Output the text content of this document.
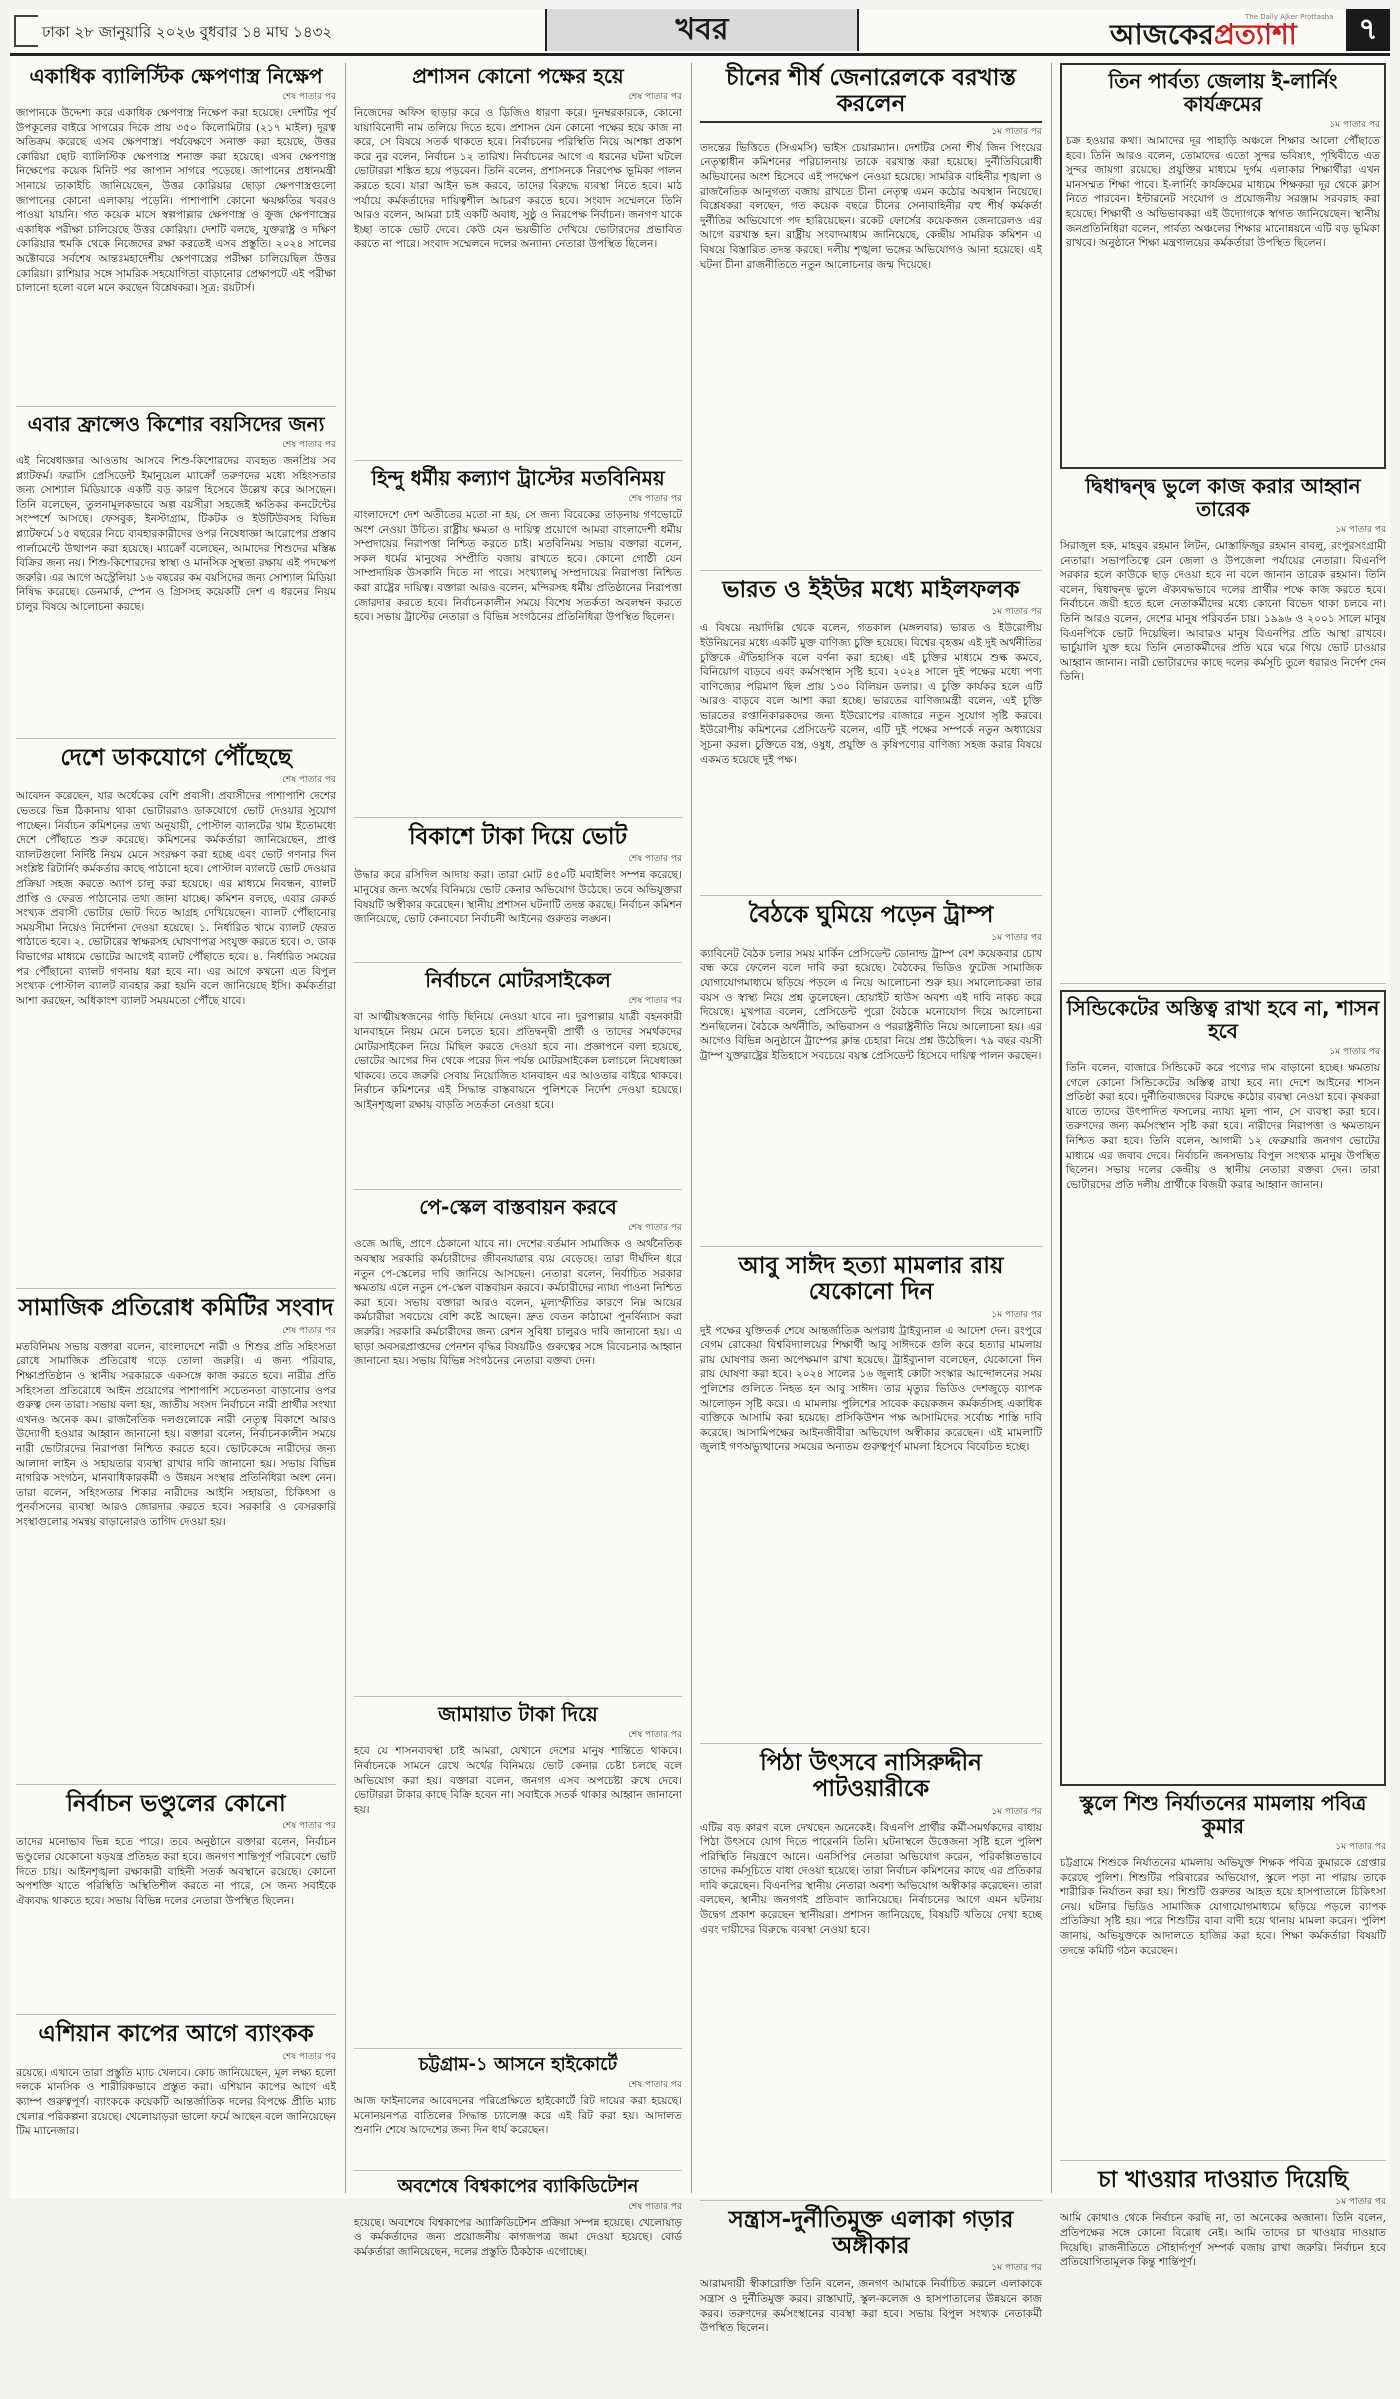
ঢাকা ২৮ জানুয়ারি ২০২৬ বুধবার ১৪ মাঘ ১৪৩২	খবর	আজকেরপ্রত্যাশা
The Daily Ajker Prottasha ৭
একাধিক ব্যালিস্টিক ক্ষেপণাস্ত্র নিক্ষেপ
শেষ পাতার পর

জাপানকে উদ্দেশ্য করে একাধিক ক্ষেপণাস্ত্র নিক্ষেপ করা হয়েছে। দেশটির পূর্ব উপকূলের বাইরে সাগরের দিকে প্রায় ৩৫০ কিলোমিটার (২১৭ মাইল) দূরত্ব অতিক্রম করেছে এসব ক্ষেপণাস্ত্র। পর্যবেক্ষণে সনাক্ত করা হয়েছে, উত্তর কোরিয়া ছোট ব্যালিস্টিক ক্ষেপণাস্ত্র শনাক্ত করা হয়েছে। এসব ক্ষেপণাস্ত্র নিক্ষেপের কয়েক মিনিট পর জাপান সাগরে পড়েছে। জাপানের প্রধানমন্ত্রী সানায়ে তাকাইচি জানিয়েছেন, উত্তর কোরিয়ার ছোড়া ক্ষেপণাস্ত্রগুলো জাপানের কোনো এলাকায় পড়েনি। পাশাপাশি কোনো ক্ষয়ক্ষতির খবরও পাওয়া যায়নি। গত কয়েক মাসে স্বল্পপাল্লার ক্ষেপণাস্ত্র ও ক্রুজ ক্ষেপণাস্ত্রের একাধিক পরীক্ষা চালিয়েছে উত্তর কোরিয়া। দেশটি বলছে, যুক্তরাষ্ট্র ও দক্ষিণ কোরিয়ার হুমকি থেকে নিজেদের রক্ষা করতেই এসব প্রস্তুতি। ২০২৪ সালের অক্টোবরে সর্বশেষ আন্তঃমহাদেশীয় ক্ষেপণাস্ত্রের পরীক্ষা চালিয়েছিল উত্তর কোরিয়া। রাশিয়ার সঙ্গে সামরিক সহযোগিতা বাড়ানোর প্রেক্ষাপটে এই পরীক্ষা চালানো হলো বলে মনে করছেন বিশ্লেষকরা। সূত্র: রয়টার্স।

এবার ফ্রান্সেও কিশোর বয়সিদের জন্য
শেষ পাতার পর

এই নিষেধাজ্ঞার আওতায় আসবে শিশু-কিশোরদের ব্যবহৃত জনপ্রিয় সব প্ল্যাটফর্ম। ফরাসি প্রেসিডেন্ট ইমানুয়েল ম্যাক্রোঁ তরুণদের মধ্যে সহিংসতার জন্য সোশ্যাল মিডিয়াকে একটি বড় কারণ হিসেবে উল্লেখ করে আসছেন। তিনি বলেছেন, তুলনামূলকভাবে অল্প বয়সীরা সহজেই ক্ষতিকর কনটেন্টের সংস্পর্শে আসছে। ফেসবুক, ইনস্টাগ্রাম, টিকটক ও ইউটিউবসহ বিভিন্ন প্ল্যাটফর্মে ১৫ বছরের নিচে ব্যবহারকারীদের ওপর নিষেধাজ্ঞা আরোপের প্রস্তাব পার্লামেন্টে উত্থাপন করা হয়েছে। ম্যাক্রোঁ বলেছেন, আমাদের শিশুদের মস্তিষ্ক বিক্রির জন্য নয়। শিশু-কিশোরদের স্বাস্থ্য ও মানসিক সুস্থতা রক্ষায় এই পদক্ষেপ জরুরি। এর আগে অস্ট্রেলিয়া ১৬ বছরের কম বয়সিদের জন্য সোশ্যাল মিডিয়া নিষিদ্ধ করেছে। ডেনমার্ক, স্পেন ও গ্রিসসহ কয়েকটি দেশ এ ধরনের নিয়ম চালুর বিষয়ে আলোচনা করছে।

দেশে ডাকযোগে পৌঁছেছে
শেষ পাতার পর

আবেদন করেছেন, যার অর্ধেকের বেশি প্রবাসী। প্রবাসীদের পাশাপাশি দেশের ভেতরে ভিন্ন ঠিকানায় থাকা ভোটাররাও ডাকযোগে ভোট দেওয়ার সুযোগ পাচ্ছেন। নির্বাচন কমিশনের তথ্য অনুযায়ী, পোস্টাল ব্যালটের খাম ইতোমধ্যে দেশে পৌঁছাতে শুরু করেছে। কমিশনের কর্মকর্তারা জানিয়েছেন, প্রাপ্ত ব্যালটগুলো নির্দিষ্ট নিয়ম মেনে সংরক্ষণ করা হচ্ছে এবং ভোট গণনার দিন সংশ্লিষ্ট রিটার্নিং কর্মকর্তার কাছে পাঠানো হবে। পোস্টাল ব্যালটে ভোট দেওয়ার প্রক্রিয়া সহজ করতে অ্যাপ চালু করা হয়েছে। এর মাধ্যমে নিবন্ধন, ব্যালট প্রাপ্তি ও ফেরত পাঠানোর তথ্য জানা যাচ্ছে। কমিশন বলছে, এবার রেকর্ড সংখ্যক প্রবাসী ভোটার ভোট দিতে আগ্রহ দেখিয়েছেন। ব্যালট পৌঁছানোর সময়সীমা নিয়েও নির্দেশনা দেওয়া হয়েছে। ১. নির্ধারিত খামে ব্যালট ফেরত পাঠাতে হবে। ২. ভোটারের স্বাক্ষরসহ ঘোষণাপত্র সংযুক্ত করতে হবে। ৩. ডাক বিভাগের মাধ্যমে ভোটের আগেই ব্যালট পৌঁছাতে হবে। ৪. নির্ধারিত সময়ের পর পৌঁছানো ব্যালট গণনায় ধরা হবে না। এর আগে কখনো এত বিপুল সংখ্যক পোস্টাল ব্যালট ব্যবহার করা হয়নি বলে জানিয়েছে ইসি। কর্মকর্তারা আশা করছেন, অধিকাংশ ব্যালট সময়মতো পৌঁছে যাবে।

সামাজিক প্রতিরোধ কমিটির সংবাদ
শেষ পাতার পর

মতবিনিময় সভায় বক্তারা বলেন, বাংলাদেশে নারী ও শিশুর প্রতি সহিংসতা রোধে সামাজিক প্রতিরোধ গড়ে তোলা জরুরি। এ জন্য পরিবার, শিক্ষাপ্রতিষ্ঠান ও স্থানীয় সরকারকে একসঙ্গে কাজ করতে হবে। নারীর প্রতি সহিংসতা প্রতিরোধে আইন প্রয়োগের পাশাপাশি সচেতনতা বাড়ানোর ওপর গুরুত্ব দেন তারা। সভায় বলা হয়, জাতীয় সংসদ নির্বাচনে নারী প্রার্থীর সংখ্যা এখনও অনেক কম। রাজনৈতিক দলগুলোকে নারী নেতৃত্ব বিকাশে আরও উদ্যোগী হওয়ার আহ্বান জানানো হয়। বক্তারা বলেন, নির্বাচনকালীন সময়ে নারী ভোটারদের নিরাপত্তা নিশ্চিত করতে হবে। ভোটকেন্দ্রে নারীদের জন্য আলাদা লাইন ও সহায়তার ব্যবস্থা রাখার দাবি জানানো হয়। সভায় বিভিন্ন নাগরিক সংগঠন, মানবাধিকারকর্মী ও উন্নয়ন সংস্থার প্রতিনিধিরা অংশ নেন। তারা বলেন, সহিংসতার শিকার নারীদের আইনি সহায়তা, চিকিৎসা ও পুনর্বাসনের ব্যবস্থা আরও জোরদার করতে হবে। সরকারি ও বেসরকারি সংস্থাগুলোর সমন্বয় বাড়ানোরও তাগিদ দেওয়া হয়।

নির্বাচন ভণ্ডুলের কোনো
শেষ পাতার পর

তাদের মনোভাব ভিন্ন হতে পারে। তবে অনুষ্ঠানে বক্তারা বলেন, নির্বাচন ভণ্ডুলের যেকোনো ষড়যন্ত্র প্রতিহত করা হবে। জনগণ শান্তিপূর্ণ পরিবেশে ভোট দিতে চায়। আইনশৃঙ্খলা রক্ষাকারী বাহিনী সতর্ক অবস্থানে রয়েছে। কোনো অপশক্তি যাতে পরিস্থিতি অস্থিতিশীল করতে না পারে, সে জন্য সবাইকে ঐক্যবদ্ধ থাকতে হবে। সভায় বিভিন্ন দলের নেতারা উপস্থিত ছিলেন।

এশিয়ান কাপের আগে ব্যাংকক
শেষ পাতার পর

রয়েছে। এখানে তারা প্রস্তুতি ম্যাচ খেলবে। কোচ জানিয়েছেন, মূল লক্ষ্য হলো দলকে মানসিক ও শারীরিকভাবে প্রস্তুত করা। এশিয়ান কাপের আগে এই ক্যাম্প গুরুত্বপূর্ণ। ব্যাংককে কয়েকটি আন্তর্জাতিক দলের বিপক্ষে প্রীতি ম্যাচ খেলার পরিকল্পনা রয়েছে। খেলোয়াড়রা ভালো ফর্মে আছেন বলে জানিয়েছেন টিম ম্যানেজার।

প্রশাসন কোনো পক্ষের হয়ে
শেষ পাতার পর

নিজেদের অফিস ছাড়ার করে ও ডিজিও ধারণা করে। দুনম্বরকারকে, কোনো যায়াবিনোদী নাম তলিয়ে দিতে হবে। প্রশাসন যেন কোনো পক্ষের হয়ে কাজ না করে, সে বিষয়ে সতর্ক থাকতে হবে। নির্বাচনের পরিস্থিতি নিয়ে আশঙ্কা প্রকাশ করে নুর বলেন, নির্বাচন ১২ তারিখ। নির্বাচনের আগে এ ধরনের ঘটনা ঘটলে ভোটাররা শঙ্কিত হয়ে পড়বেন। তিনি বলেন, প্রশাসনকে নিরপেক্ষ ভূমিকা পালন করতে হবে। যারা আইন ভঙ্গ করবে, তাদের বিরুদ্ধে ব্যবস্থা নিতে হবে। মাঠ পর্যায়ে কর্মকর্তাদের দায়িত্বশীল আচরণ করতে হবে। সংবাদ সম্মেলনে তিনি আরও বলেন, আমরা চাই একটি অবাধ, সুষ্ঠু ও নিরপেক্ষ নির্বাচন। জনগণ যাকে ইচ্ছা তাকে ভোট দেবে। কেউ যেন ভয়ভীতি দেখিয়ে ভোটারদের প্রভাবিত করতে না পারে। সংবাদ সম্মেলনে দলের অন্যান্য নেতারা উপস্থিত ছিলেন।

হিন্দু ধর্মীয় কল্যাণ ট্রাস্টের মতবিনিময়
শেষ পাতার পর

বাংলাদেশে দেশ অতীতের মতো না হয়, সে জন্য বিবেকের তাড়নায় গণভোটে অংশ নেওয়া উচিত। রাষ্ট্রীয় ক্ষমতা ও দায়িত্ব প্রয়োগে আমরা বাংলাদেশী ধর্মীয় সম্প্রদায়ের নিরাপত্তা নিশ্চিত করতে চাই। মতবিনিময় সভায় বক্তারা বলেন, সকল ধর্মের মানুষের সম্প্রীতি বজায় রাখতে হবে। কোনো গোষ্ঠী যেন সাম্প্রদায়িক উসকানি দিতে না পারে। সংখ্যালঘু সম্প্রদায়ের নিরাপত্তা নিশ্চিত করা রাষ্ট্রের দায়িত্ব। বক্তারা আরও বলেন, মন্দিরসহ ধর্মীয় প্রতিষ্ঠানের নিরাপত্তা জোরদার করতে হবে। নির্বাচনকালীন সময়ে বিশেষ সতর্কতা অবলম্বন করতে হবে। সভায় ট্রাস্টের নেতারা ও বিভিন্ন সংগঠনের প্রতিনিধিরা উপস্থিত ছিলেন।

বিকাশে টাকা দিয়ে ভোট
শেষ পাতার পর

উদ্ধার করে রসিদিল আদায় করা। তারা মোট ৪৫০টি মবাইলিং সম্পন্ন করেছে। মানুষের জন্য অর্থের বিনিময়ে ভোট কেনার অভিযোগ উঠেছে। তবে অভিযুক্তরা বিষয়টি অস্বীকার করেছেন। স্থানীয় প্রশাসন ঘটনাটি তদন্ত করছে। নির্বাচন কমিশন জানিয়েছে, ভোট কেনাবেচা নির্বাচনী আইনের গুরুতর লঙ্ঘন।

নির্বাচনে মোটরসাইকেল
শেষ পাতার পর

বা আত্মীয়স্বজনের গাড়ি ছিনিয়ে নেওয়া যাবে না। দুরপাল্লার যাত্রী বহনকারী যানবাহনে নিয়ম মেনে চলতে হবে। প্রতিদ্বন্দ্বী প্রার্থী ও তাদের সমর্থকদের মোটরসাইকেল নিয়ে মিছিল করতে দেওয়া হবে না। প্রজ্ঞাপনে বলা হয়েছে, ভোটের আগের দিন থেকে পরের দিন পর্যন্ত মোটরসাইকেল চলাচলে নিষেধাজ্ঞা থাকবে। তবে জরুরি সেবায় নিয়োজিত যানবাহন এর আওতার বাইরে থাকবে। নির্বাচন কমিশনের এই সিদ্ধান্ত বাস্তবায়নে পুলিশকে নির্দেশ দেওয়া হয়েছে। আইনশৃঙ্খলা রক্ষায় বাড়তি সতর্কতা নেওয়া হবে।

পে-স্কেল বাস্তবায়ন করবে
শেষ পাতার পর

ওজে আছি, প্রাণে ঠেকানো যাবে না। দেশের বর্তমান সামাজিক ও অর্থনৈতিক অবস্থায় সরকারি কর্মচারীদের জীবনযাত্রার ব্যয় বেড়েছে। তারা দীর্ঘদিন ধরে নতুন পে-স্কেলের দাবি জানিয়ে আসছেন। নেতারা বলেন, নির্বাচিত সরকার ক্ষমতায় এলে নতুন পে-স্কেল বাস্তবায়ন করবে। কর্মচারীদের ন্যায্য পাওনা নিশ্চিত করা হবে। সভায় বক্তারা আরও বলেন, মূল্যস্ফীতির কারণে নিম্ন আয়ের কর্মচারীরা সবচেয়ে বেশি কষ্টে আছেন। দ্রুত বেতন কাঠামো পুনর্বিন্যাস করা জরুরি। সরকারি কর্মচারীদের জন্য রেশন সুবিধা চালুরও দাবি জানানো হয়। এ ছাড়া অবসরপ্রাপ্তদের পেনশন বৃদ্ধির বিষয়টিও গুরুত্বের সঙ্গে বিবেচনার আহ্বান জানানো হয়। সভায় বিভিন্ন সংগঠনের নেতারা বক্তব্য দেন।

জামায়াত টাকা দিয়ে
শেষ পাতার পর

হবে যে শাসনব্যবস্থা চাই আমরা, যেখানে দেশের মানুষ শান্তিতে থাকবে। নির্বাচনকে সামনে রেখে অর্থের বিনিময়ে ভোট কেনার চেষ্টা চলছে বলে অভিযোগ করা হয়। বক্তারা বলেন, জনগণ এসব অপচেষ্টা রুখে দেবে। ভোটাররা টাকার কাছে বিক্রি হবেন না। সবাইকে সতর্ক থাকার আহ্বান জানানো হয়।

চট্টগ্রাম-১ আসনে হাইকোর্টে
শেষ পাতার পর

আজ ফাইনালের আবেদনের পরিপ্রেক্ষিতে হাইকোর্টে রিট দায়ের করা হয়েছে। মনোনয়নপত্র বাতিলের সিদ্ধান্ত চ্যালেঞ্জ করে এই রিট করা হয়। আদালত শুনানি শেষে আদেশের জন্য দিন ধার্য করেছেন।

অবশেষে বিশ্বকাপের ব্যাকিডিটেশন
শেষ পাতার পর

হয়েছে। অবশেষে বিশ্বকাপের অ্যাক্রিডিটেশন প্রক্রিয়া সম্পন্ন হয়েছে। খেলোয়াড় ও কর্মকর্তাদের জন্য প্রয়োজনীয় কাগজপত্র জমা দেওয়া হয়েছে। বোর্ড কর্মকর্তারা জানিয়েছেন, দলের প্রস্তুতি ঠিকঠাক এগোচ্ছে।

চীনের শীর্ষ জেনারেলকে বরখাস্ত করলেন
১ম পাতার পর

তদন্তের ভিত্তিতে (সিএমসি) ভাইস চেয়ারম্যান। দেশটির সেনা শীর্ষ জিন পিংয়ের নেতৃত্বাধীন কমিশনের পরিচালনায় তাকে বরখাস্ত করা হয়েছে। দুর্নীতিবিরোধী অভিযানের অংশ হিসেবে এই পদক্ষেপ নেওয়া হয়েছে। সামরিক বাহিনীর শৃঙ্খলা ও রাজনৈতিক আনুগত্য বজায় রাখতে চীনা নেতৃত্ব এমন কঠোর অবস্থান নিয়েছে। বিশ্লেষকরা বলছেন, গত কয়েক বছরে চীনের সেনাবাহিনীর বহু শীর্ষ কর্মকর্তা দুর্নীতির অভিযোগে পদ হারিয়েছেন। রকেট ফোর্সের কয়েকজন জেনারেলও এর আগে বরখাস্ত হন। রাষ্ট্রীয় সংবাদমাধ্যম জানিয়েছে, কেন্দ্রীয় সামরিক কমিশন এ বিষয়ে বিস্তারিত তদন্ত করছে। দলীয় শৃঙ্খলা ভঙ্গের অভিযোগও আনা হয়েছে। এই ঘটনা চীনা রাজনীতিতে নতুন আলোচনার জন্ম দিয়েছে।

ভারত ও ইইউর মধ্যে মাইলফলক
১ম পাতার পর

এ বিষয়ে নয়াদিল্লি থেকে বলেন, গতকাল (মঙ্গলবার) ভারত ও ইউরোপীয় ইউনিয়নের মধ্যে একটি মুক্ত বাণিজ্য চুক্তি হয়েছে। বিশ্বের বৃহত্তম এই দুই অর্থনীতির চুক্তিকে ঐতিহাসিক বলে বর্ণনা করা হচ্ছে। এই চুক্তির মাধ্যমে শুল্ক কমবে, বিনিয়োগ বাড়বে এবং কর্মসংস্থান সৃষ্টি হবে। ২০২৪ সালে দুই পক্ষের মধ্যে পণ্য বাণিজ্যের পরিমাণ ছিল প্রায় ১৩০ বিলিয়ন ডলার। এ চুক্তি কার্যকর হলে এটি আরও বাড়বে বলে আশা করা হচ্ছে। ভারতের বাণিজ্যমন্ত্রী বলেন, এই চুক্তি ভারতের রপ্তানিকারকদের জন্য ইউরোপের বাজারে নতুন সুযোগ সৃষ্টি করবে। ইউরোপীয় কমিশনের প্রেসিডেন্ট বলেন, এটি দুই পক্ষের সম্পর্কে নতুন অধ্যায়ের সূচনা করল। চুক্তিতে বস্ত্র, ওষুধ, প্রযুক্তি ও কৃষিপণ্যের বাণিজ্য সহজ করার বিষয়ে একমত হয়েছে দুই পক্ষ।

বৈঠকে ঘুমিয়ে পড়েন ট্রাম্প
১ম পাতার পর

ক্যাবিনেট বৈঠক চলার সময় মার্কিন প্রেসিডেন্ট ডোনাল্ড ট্রাম্প বেশ কয়েকবার চোখ বন্ধ করে ফেলেন বলে দাবি করা হয়েছে। বৈঠকের ভিডিও ফুটেজ সামাজিক যোগাযোগমাধ্যমে ছড়িয়ে পড়লে এ নিয়ে আলোচনা শুরু হয়। সমালোচকরা তার বয়স ও স্বাস্থ্য নিয়ে প্রশ্ন তুলেছেন। হোয়াইট হাউস অবশ্য এই দাবি নাকচ করে দিয়েছে। মুখপাত্র বলেন, প্রেসিডেন্ট পুরো বৈঠকে মনোযোগ দিয়ে আলোচনা শুনছিলেন। বৈঠকে অর্থনীতি, অভিবাসন ও পররাষ্ট্রনীতি নিয়ে আলোচনা হয়। এর আগেও বিভিন্ন অনুষ্ঠানে ট্রাম্পের ক্লান্ত চেহারা নিয়ে প্রশ্ন উঠেছিল। ৭৯ বছর বয়সী ট্রাম্প যুক্তরাষ্ট্রের ইতিহাসে সবচেয়ে বয়স্ক প্রেসিডেন্ট হিসেবে দায়িত্ব পালন করছেন।

আবু সাঈদ হত্যা মামলার রায় যেকোনো দিন
১ম পাতার পর

দুই পক্ষের যুক্তিতর্ক শেষে আন্তর্জাতিক অপরাধ ট্রাইব্যুনাল এ আদেশ দেন। রংপুরে বেগম রোকেয়া বিশ্ববিদ্যালয়ের শিক্ষার্থী আবু সাঈদকে গুলি করে হত্যার মামলায় রায় ঘোষণার জন্য অপেক্ষমাণ রাখা হয়েছে। ট্রাইব্যুনাল বলেছেন, যেকোনো দিন রায় ঘোষণা করা হবে। ২০২৪ সালের ১৬ জুলাই কোটা সংস্কার আন্দোলনের সময় পুলিশের গুলিতে নিহত হন আবু সাঈদ। তার মৃত্যুর ভিডিও দেশজুড়ে ব্যাপক আলোড়ন সৃষ্টি করে। এ মামলায় পুলিশের সাবেক কয়েকজন কর্মকর্তাসহ একাধিক ব্যক্তিকে আসামি করা হয়েছে। প্রসিকিউশন পক্ষ আসামিদের সর্বোচ্চ শাস্তি দাবি করেছে। আসামিপক্ষের আইনজীবীরা অভিযোগ অস্বীকার করেছেন। এই মামলাটি জুলাই গণঅভ্যুত্থানের সময়ের অন্যতম গুরুত্বপূর্ণ মামলা হিসেবে বিবেচিত হচ্ছে।

পিঠা উৎসবে নাসিরুদ্দীন পাটওয়ারীকে
১ম পাতার পর

এটির বড় কারণ বলে দেখছেন অনেকেই। বিএনপি প্রার্থীর কর্মী-সমর্থকদের বাধায় পিঠা উৎসবে যোগ দিতে পারেননি তিনি। ঘটনাস্থলে উত্তেজনা সৃষ্টি হলে পুলিশ পরিস্থিতি নিয়ন্ত্রণে আনে। এনসিপির নেতারা অভিযোগ করেন, পরিকল্পিতভাবে তাদের কর্মসূচিতে বাধা দেওয়া হয়েছে। তারা নির্বাচন কমিশনের কাছে এর প্রতিকার দাবি করেছেন। বিএনপির স্থানীয় নেতারা অবশ্য অভিযোগ অস্বীকার করেছেন। তারা বলছেন, স্থানীয় জনগণই প্রতিবাদ জানিয়েছে। নির্বাচনের আগে এমন ঘটনায় উদ্বেগ প্রকাশ করেছেন স্থানীয়রা। প্রশাসন জানিয়েছে, বিষয়টি খতিয়ে দেখা হচ্ছে এবং দায়ীদের বিরুদ্ধে ব্যবস্থা নেওয়া হবে।

সন্ত্রাস-দুর্নীতিমুক্ত এলাকা গড়ার অঙ্গীকার
১ম পাতার পর

আরামদায়ী স্বীকারোক্তি তিনি বলেন, জনগণ আমাকে নির্বাচিত করলে এলাকাকে সন্ত্রাস ও দুর্নীতিমুক্ত করব। রাস্তাঘাট, স্কুল-কলেজ ও হাসপাতালের উন্নয়নে কাজ করব। তরুণদের কর্মসংস্থানের ব্যবস্থা করা হবে। সভায় বিপুল সংখ্যক নেতাকর্মী উপস্থিত ছিলেন।

তিন পার্বত্য জেলায় ই-লার্নিং কার্যক্রমের
১ম পাতার পর

চক্র হওয়ার কথা। আমাদের দূর পাহাড়ি অঞ্চলে শিক্ষার আলো পৌঁছাতে হবে। তিনি আরও বলেন, তোমাদের এতো সুন্দর ভবিষ্যৎ, পৃথিবীতে এত সুন্দর জায়গা রয়েছে। প্রযুক্তির মাধ্যমে দুর্গম এলাকার শিক্ষার্থীরা এখন মানসম্মত শিক্ষা পাবে। ই-লার্নিং কার্যক্রমের মাধ্যমে শিক্ষকরা দূর থেকে ক্লাস নিতে পারবেন। ইন্টারনেট সংযোগ ও প্রয়োজনীয় সরঞ্জাম সরবরাহ করা হয়েছে। শিক্ষার্থী ও অভিভাবকরা এই উদ্যোগকে স্বাগত জানিয়েছেন। স্থানীয় জনপ্রতিনিধিরা বলেন, পার্বত্য অঞ্চলের শিক্ষার মানোন্নয়নে এটি বড় ভূমিকা রাখবে। অনুষ্ঠানে শিক্ষা মন্ত্রণালয়ের কর্মকর্তারা উপস্থিত ছিলেন।

দ্বিধাদ্বন্দ্ব ভুলে কাজ করার আহ্বান তারেক
১ম পাতার পর

সিরাজুল হক, মাহবুব রহমান লিটন, মোস্তাফিজুর রহমান বাবলু, রংপুরসংগ্রামী নেতারা। সভাপতিত্বে রেন জেলা ও উপজেলা পর্যায়ের নেতারা। বিএনপি সরকার হলে কাউকে ছাড় দেওয়া হবে না বলে জানান তারেক রহমান। তিনি বলেন, দ্বিধাদ্বন্দ্ব ভুলে ঐক্যবদ্ধভাবে দলের প্রার্থীর পক্ষে কাজ করতে হবে। নির্বাচনে জয়ী হতে হলে নেতাকর্মীদের মধ্যে কোনো বিভেদ থাকা চলবে না। তিনি আরও বলেন, দেশের মানুষ পরিবর্তন চায়। ১৯৯৬ ও ২০০১ সালে মানুষ বিএনপিকে ভোট দিয়েছিল। আবারও মানুষ বিএনপির প্রতি আস্থা রাখবে। ভার্চুয়ালি যুক্ত হয়ে তিনি নেতাকর্মীদের প্রতি ঘরে ঘরে গিয়ে ভোট চাওয়ার আহ্বান জানান। নারী ভোটারদের কাছে দলের কর্মসূচি তুলে ধরারও নির্দেশ দেন তিনি।

সিন্ডিকেটের অস্তিত্ব রাখা হবে না, শাসন হবে
১ম পাতার পর

তিনি বলেন, বাজারে সিন্ডিকেট করে পণ্যের দাম বাড়ানো হচ্ছে। ক্ষমতায় গেলে কোনো সিন্ডিকেটের অস্তিত্ব রাখা হবে না। দেশে আইনের শাসন প্রতিষ্ঠা করা হবে। দুর্নীতিবাজদের বিরুদ্ধে কঠোর ব্যবস্থা নেওয়া হবে। কৃষকরা যাতে তাদের উৎপাদিত ফসলের ন্যায্য মূল্য পান, সে ব্যবস্থা করা হবে। তরুণদের জন্য কর্মসংস্থান সৃষ্টি করা হবে। নারীদের নিরাপত্তা ও ক্ষমতায়ন নিশ্চিত করা হবে। তিনি বলেন, আগামী ১২ ফেব্রুয়ারি জনগণ ভোটের মাধ্যমে এর জবাব দেবে। নির্বাচনি জনসভায় বিপুল সংখ্যক মানুষ উপস্থিত ছিলেন। সভায় দলের কেন্দ্রীয় ও স্থানীয় নেতারা বক্তব্য দেন। তারা ভোটারদের প্রতি দলীয় প্রার্থীকে বিজয়ী করার আহ্বান জানান।

স্কুলে শিশু নির্যাতনের মামলায় পবিত্র কুমার
১ম পাতার পর

চট্টগ্রামে শিশুকে নির্যাতনের মামলায় অভিযুক্ত শিক্ষক পবিত্র কুমারকে গ্রেপ্তার করেছে পুলিশ। শিশুটির পরিবারের অভিযোগ, স্কুলে পড়া না পারায় তাকে শারীরিক নির্যাতন করা হয়। শিশুটি গুরুতর আহত হয়ে হাসপাতালে চিকিৎসা নেয়। ঘটনার ভিডিও সামাজিক যোগাযোগমাধ্যমে ছড়িয়ে পড়লে ব্যাপক প্রতিক্রিয়া সৃষ্টি হয়। পরে শিশুটির বাবা বাদী হয়ে থানায় মামলা করেন। পুলিশ জানায়, অভিযুক্তকে আদালতে হাজির করা হবে। শিক্ষা কর্মকর্তারা বিষয়টি তদন্তে কমিটি গঠন করেছেন।

চা খাওয়ার দাওয়াত দিয়েছি
১ম পাতার পর

আমি কোথাও থেকে নির্বাচন করছি না, তা অনেকের অজানা। তিনি বলেন, প্রতিপক্ষের সঙ্গে কোনো বিরোধ নেই। আমি তাদের চা খাওয়ার দাওয়াত দিয়েছি। রাজনীতিতে সৌহার্দ্যপূর্ণ সম্পর্ক বজায় রাখা জরুরি। নির্বাচন হবে প্রতিযোগিতামূলক কিন্তু শান্তিপূর্ণ।
